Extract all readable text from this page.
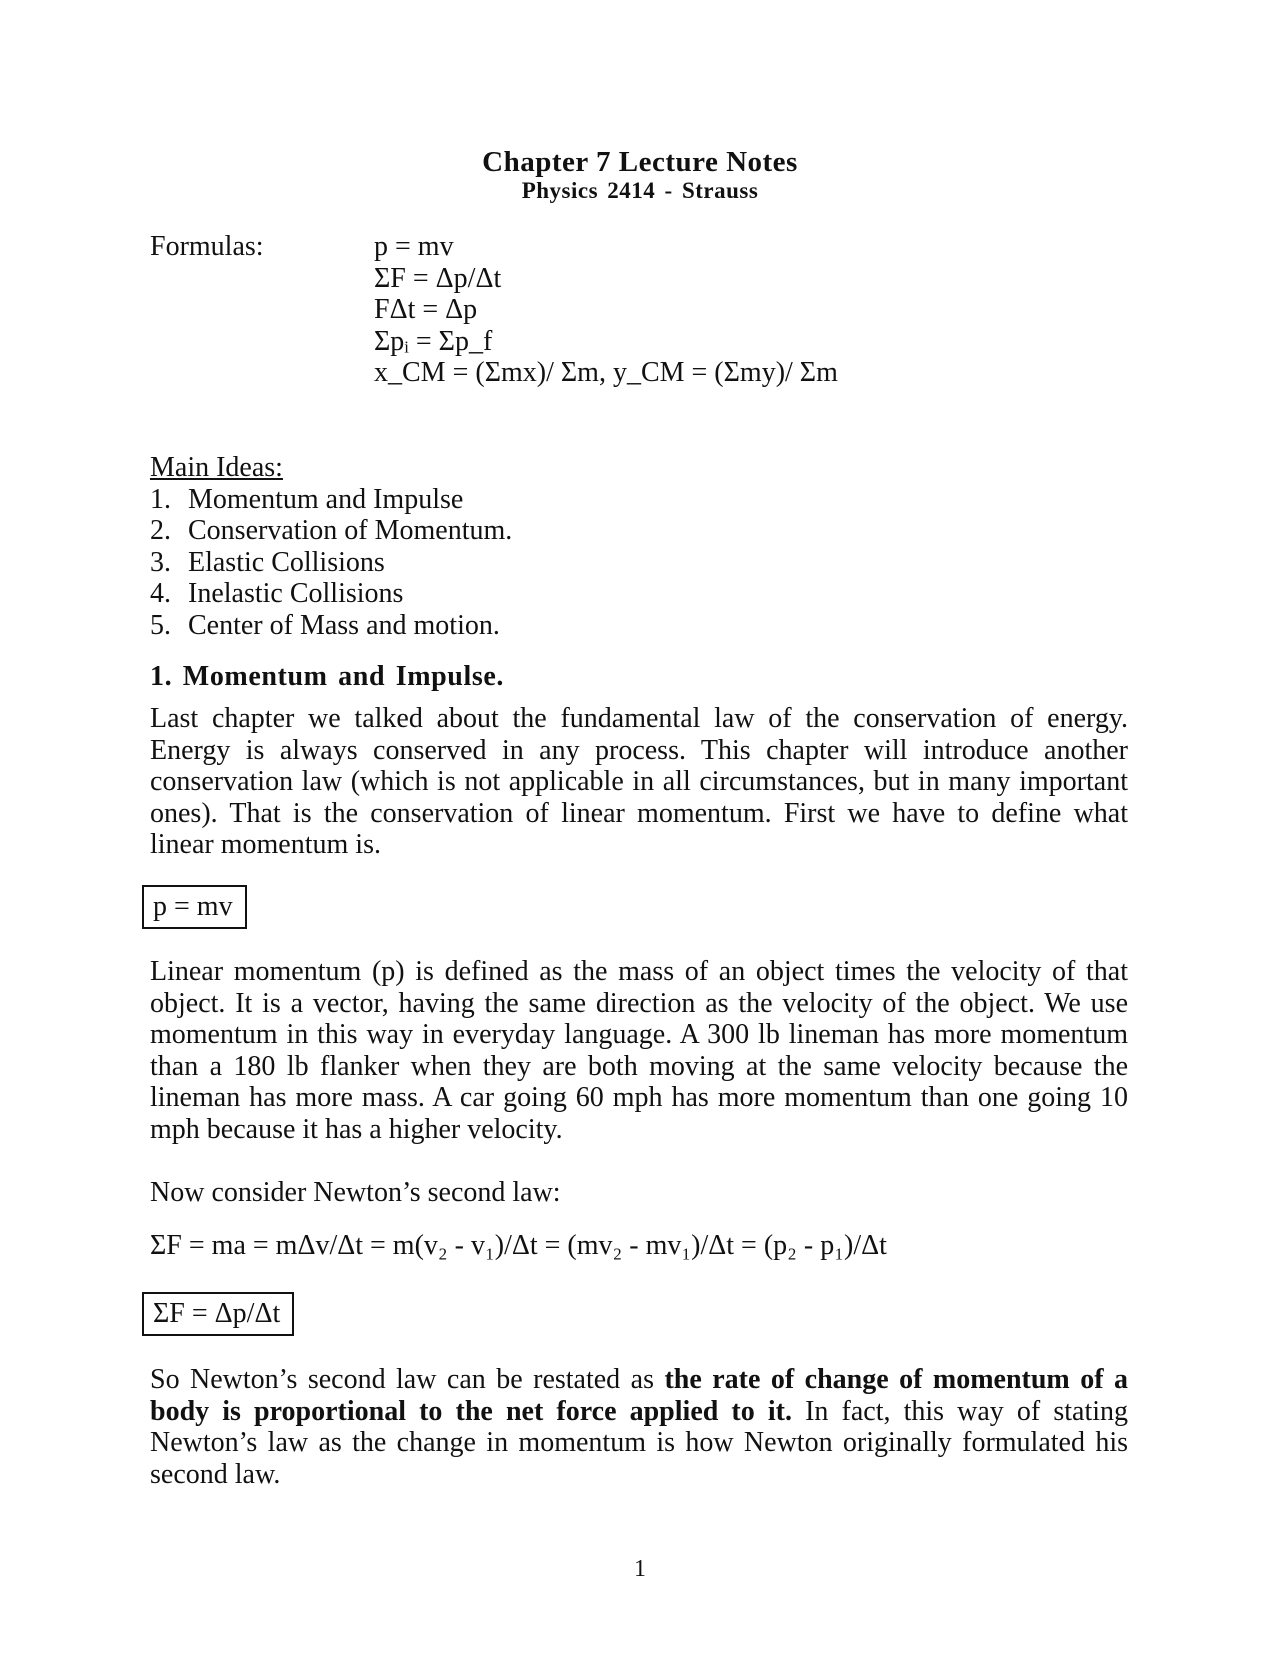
Chapter 7 Lecture Notes
Physics 2414 - Strauss
Formulas:	p = mv
ΣF = Δp/Δt
FΔt = Δp
Σpᵢ = Σp_f
x_CM = (Σmx)/ Σm, y_CM = (Σmy)/ Σm
Main Ideas:
1. Momentum and Impulse
2. Conservation of Momentum.
3. Elastic Collisions
4. Inelastic Collisions
5. Center of Mass and motion.
1. Momentum and Impulse.
Last chapter we talked about the fundamental law of the conservation of energy. Energy is always conserved in any process. This chapter will introduce another conservation law (which is not applicable in all circumstances, but in many important ones). That is the conservation of linear momentum. First we have to define what linear momentum is.
p = mv
Linear momentum (p) is defined as the mass of an object times the velocity of that object. It is a vector, having the same direction as the velocity of the object. We use momentum in this way in everyday language. A 300 lb lineman has more momentum than a 180 lb flanker when they are both moving at the same velocity because the lineman has more mass. A car going 60 mph has more momentum than one going 10 mph because it has a higher velocity.
Now consider Newton’s second law:
ΣF = ma = mΔv/Δt = m(v₂ - v₁)/Δt = (mv₂ - mv₁)/Δt = (p₂ - p₁)/Δt
ΣF = Δp/Δt
So Newton’s second law can be restated as the rate of change of momentum of a body is proportional to the net force applied to it. In fact, this way of stating Newton’s law as the change in momentum is how Newton originally formulated his second law.
1
